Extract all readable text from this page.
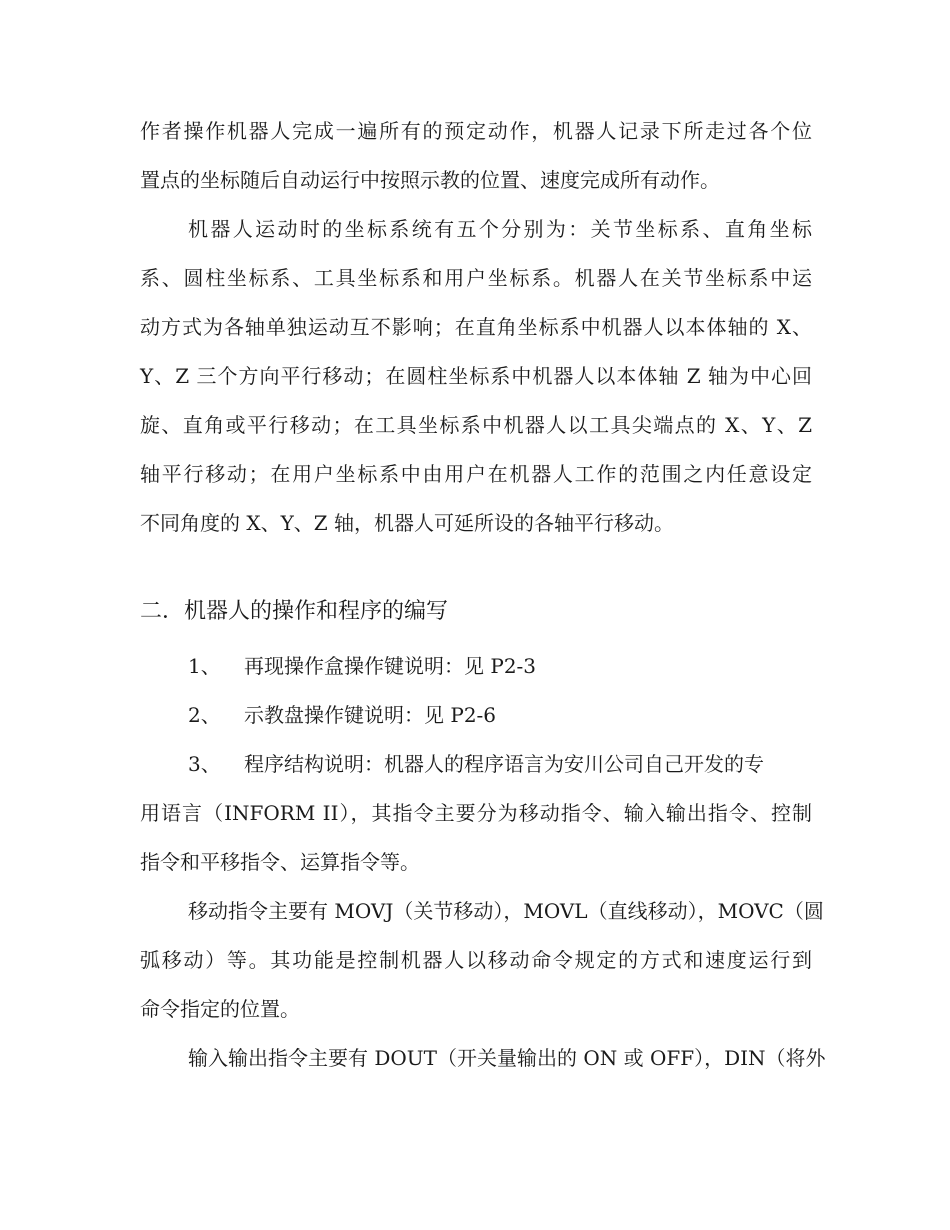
作者操作机器人完成一遍所有的预定动作，机器人记录下所走过各个位
置点的坐标随后自动运行中按照示教的位置、速度完成所有动作。
机器人运动时的坐标系统有五个分别为：关节坐标系、直角坐标
系、圆柱坐标系、工具坐标系和用户坐标系。机器人在关节坐标系中运
动方式为各轴单独运动互不影响；在直角坐标系中机器人以本体轴的 X、
Y、Z 三个方向平行移动；在圆柱坐标系中机器人以本体轴 Z 轴为中心回
旋、直角或平行移动；在工具坐标系中机器人以工具尖端点的 X、Y、Z
轴平行移动；在用户坐标系中由用户在机器人工作的范围之内任意设定
不同角度的 X、Y、Z 轴，机器人可延所设的各轴平行移动。
二．机器人的操作和程序的编写
1、 再现操作盒操作键说明：见 P2-3
2、 示教盘操作键说明：见 P2-6
3、 程序结构说明：机器人的程序语言为安川公司自己开发的专
用语言（INFORM II），其指令主要分为移动指令、输入输出指令、控制
指令和平移指令、运算指令等。
移动指令主要有 MOVJ（关节移动），MOVL（直线移动），MOVC（圆
弧移动）等。其功能是控制机器人以移动命令规定的方式和速度运行到
命令指定的位置。
输入输出指令主要有 DOUT（开关量输出的 ON 或 OFF），DIN（将外
